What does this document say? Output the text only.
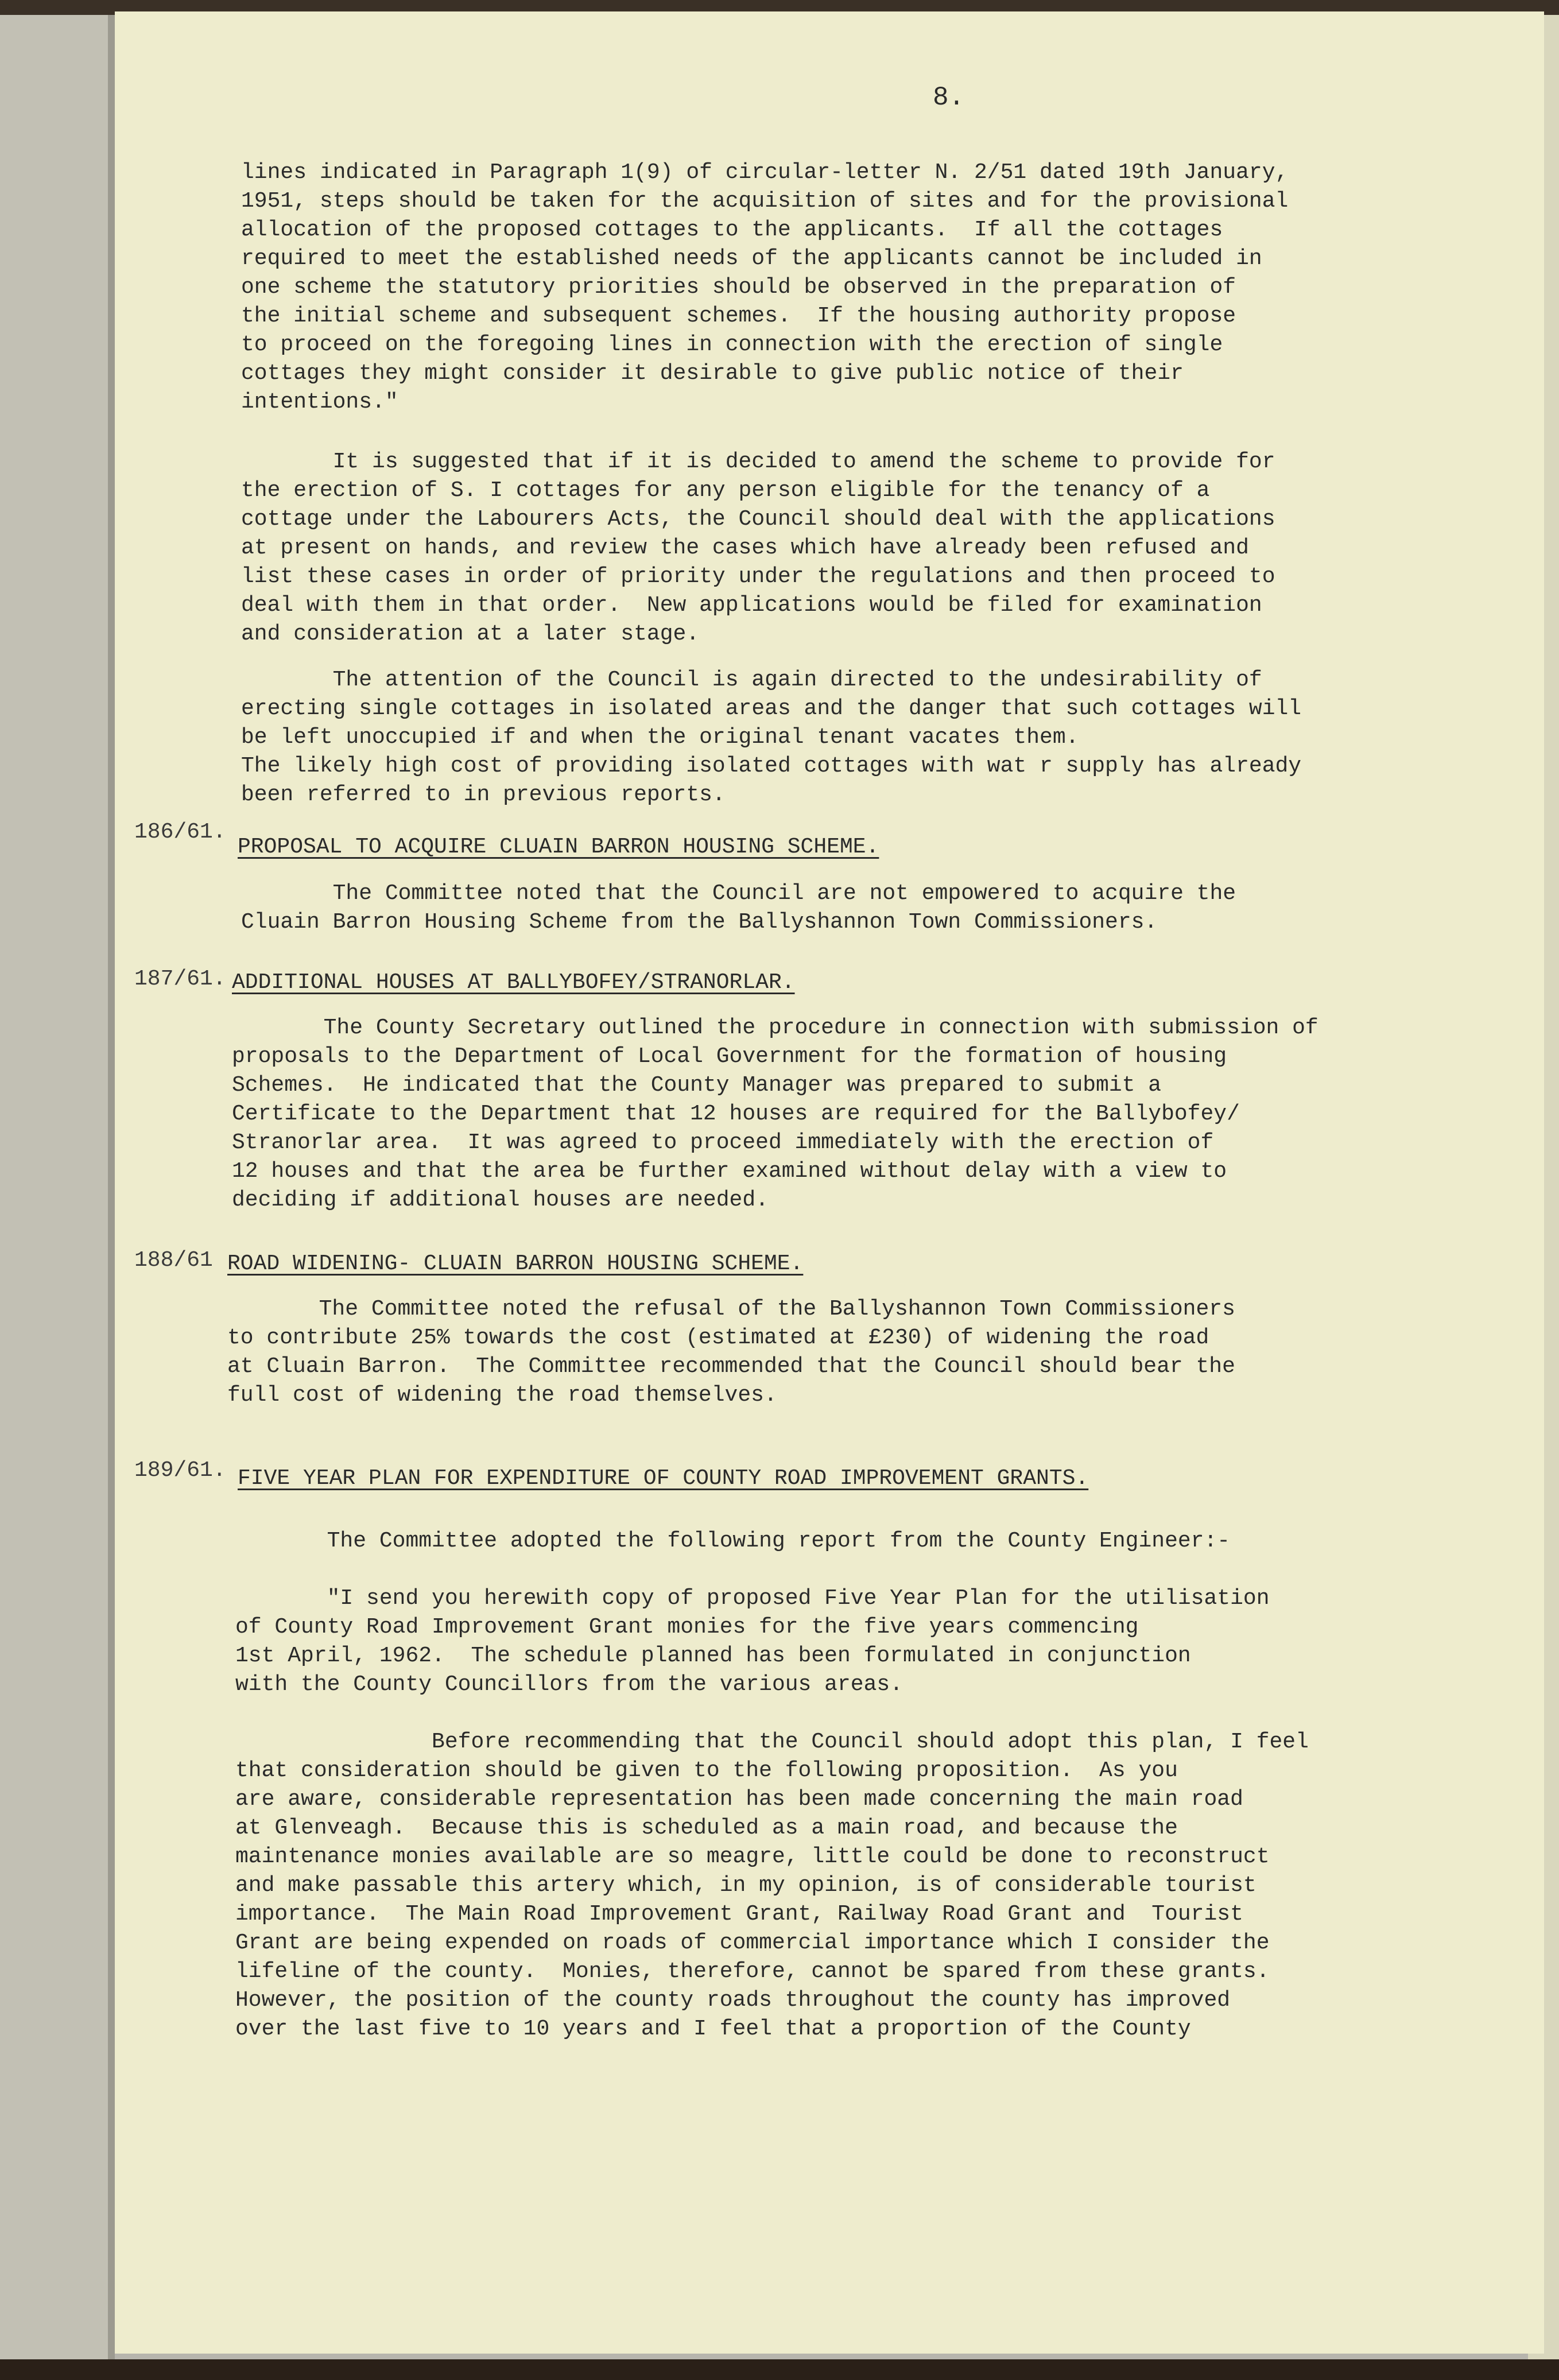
8.
lines indicated in Paragraph 1(9) of circular-letter N. 2/51 dated 19th January,
1951, steps should be taken for the acquisition of sites and for the provisional
allocation of the proposed cottages to the applicants.  If all the cottages
required to meet the established needs of the applicants cannot be included in
one scheme the statutory priorities should be observed in the preparation of
the initial scheme and subsequent schemes.  If the housing authority propose
to proceed on the foregoing lines in connection with the erection of single
cottages they might consider it desirable to give public notice of their
intentions."
It is suggested that if it is decided to amend the scheme to provide for
the erection of S. I cottages for any person eligible for the tenancy of a
cottage under the Labourers Acts, the Council should deal with the applications
at present on hands, and review the cases which have already been refused and
list these cases in order of priority under the regulations and then proceed to
deal with them in that order.  New applications would be filed for examination
and consideration at a later stage.
The attention of the Council is again directed to the undesirability of
erecting single cottages in isolated areas and the danger that such cottages will
be left unoccupied if and when the original tenant vacates them.
The likely high cost of providing isolated cottages with wat r supply has already
been referred to in previous reports.
186/61.
PROPOSAL TO ACQUIRE CLUAIN BARRON HOUSING SCHEME.
The Committee noted that the Council are not empowered to acquire the
Cluain Barron Housing Scheme from the Ballyshannon Town Commissioners.
187/61. ADDITIONAL HOUSES AT BALLYBOFEY/STRANORLAR.
The County Secretary outlined the procedure in connection with submission of
proposals to the Department of Local Government for the formation of housing
Schemes.  He indicated that the County Manager was prepared to submit a
Certificate to the Department that 12 houses are required for the Ballybofey/
Stranorlar area.  It was agreed to proceed immediately with the erection of
12 houses and that the area be further examined without delay with a view to
deciding if additional houses are needed.
188/61 ROAD WIDENING- CLUAIN BARRON HOUSING SCHEME.
The Committee noted the refusal of the Ballyshannon Town Commissioners
to contribute 25% towards the cost (estimated at £230) of widening the road
at Cluain Barron.  The Committee recommended that the Council should bear the
full cost of widening the road themselves.
189/61. FIVE YEAR PLAN FOR EXPENDITURE OF COUNTY ROAD IMPROVEMENT GRANTS.
The Committee adopted the following report from the County Engineer:-

"I send you herewith copy of proposed Five Year Plan for the utilisation
of County Road Improvement Grant monies for the five years commencing
1st April, 1962.  The schedule planned has been formulated in conjunction
with the County Councillors from the various areas.

Before recommending that the Council should adopt this plan, I feel
that consideration should be given to the following proposition.  As you
are aware, considerable representation has been made concerning the main road
at Glenveagh.  Because this is scheduled as a main road, and because the
maintenance monies available are so meagre, little could be done to reconstruct
and make passable this artery which, in my opinion, is of considerable tourist
importance.  The Main Road Improvement Grant, Railway Road Grant and  Tourist
Grant are being expended on roads of commercial importance which I consider the
lifeline of the county.  Monies, therefore, cannot be spared from these grants.
However, the position of the county roads throughout the county has improved
over the last five to 10 years and I feel that a proportion of the County
